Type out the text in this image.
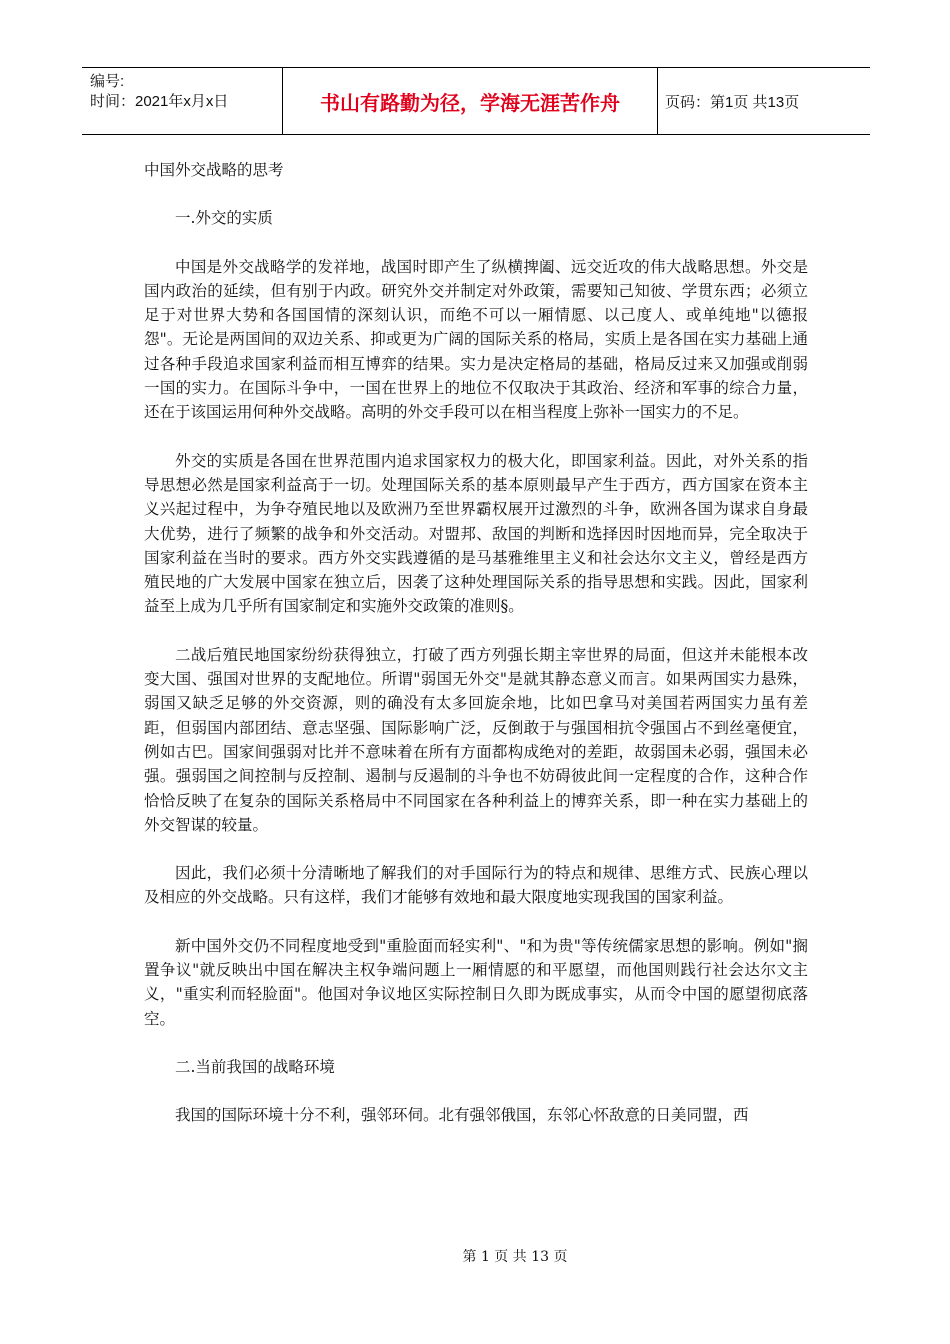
编号:
时间：2021年x月x日	书山有路勤为径，学海无涯苦作舟	页码：第1页 共13页

中国外交战略的思考

一.外交的实质

中国是外交战略学的发祥地，战国时即产生了纵横捭阖、远交近攻的伟大战略思想。外交是国内政治的延续，但有别于内政。研究外交并制定对外政策，需要知己知彼、学贯东西；必须立足于对世界大势和各国国情的深刻认识，而绝不可以一厢情愿、以己度人、或单纯地"以德报怨"。无论是两国间的双边关系、抑或更为广阔的国际关系的格局，实质上是各国在实力基础上通过各种手段追求国家利益而相互博弈的结果。实力是决定格局的基础，格局反过来又加强或削弱一国的实力。在国际斗争中，一国在世界上的地位不仅取决于其政治、经济和军事的综合力量，还在于该国运用何种外交战略。高明的外交手段可以在相当程度上弥补一国实力的不足。

外交的实质是各国在世界范围内追求国家权力的极大化，即国家利益。因此，对外关系的指导思想必然是国家利益高于一切。处理国际关系的基本原则最早产生于西方，西方国家在资本主义兴起过程中，为争夺殖民地以及欧洲乃至世界霸权展开过激烈的斗争，欧洲各国为谋求自身最大优势，进行了频繁的战争和外交活动。对盟邦、敌国的判断和选择因时因地而异，完全取决于国家利益在当时的要求。西方外交实践遵循的是马基雅维里主义和社会达尔文主义，曾经是西方殖民地的广大发展中国家在独立后，因袭了这种处理国际关系的指导思想和实践。因此，国家利益至上成为几乎所有国家制定和实施外交政策的准则§。

二战后殖民地国家纷纷获得独立，打破了西方列强长期主宰世界的局面，但这并未能根本改变大国、强国对世界的支配地位。所谓"弱国无外交"是就其静态意义而言。如果两国实力悬殊，弱国又缺乏足够的外交资源，则的确没有太多回旋余地，比如巴拿马对美国若两国实力虽有差距，但弱国内部团结、意志坚强、国际影响广泛，反倒敢于与强国相抗令强国占不到丝毫便宜，例如古巴。国家间强弱对比并不意味着在所有方面都构成绝对的差距，故弱国未必弱，强国未必强。强弱国之间控制与反控制、遏制与反遏制的斗争也不妨碍彼此间一定程度的合作，这种合作恰恰反映了在复杂的国际关系格局中不同国家在各种利益上的博弈关系，即一种在实力基础上的外交智谋的较量。

因此，我们必须十分清晰地了解我们的对手国际行为的特点和规律、思维方式、民族心理以及相应的外交战略。只有这样，我们才能够有效地和最大限度地实现我国的国家利益。

新中国外交仍不同程度地受到"重脸面而轻实利"、"和为贵"等传统儒家思想的影响。例如"搁置争议"就反映出中国在解决主权争端问题上一厢情愿的和平愿望，而他国则践行社会达尔文主义，"重实利而轻脸面"。他国对争议地区实际控制日久即为既成事实，从而令中国的愿望彻底落空。

二.当前我国的战略环境

我国的国际环境十分不利，强邻环伺。北有强邻俄国，东邻心怀敌意的日美同盟，西

第 1 页 共 13 页
